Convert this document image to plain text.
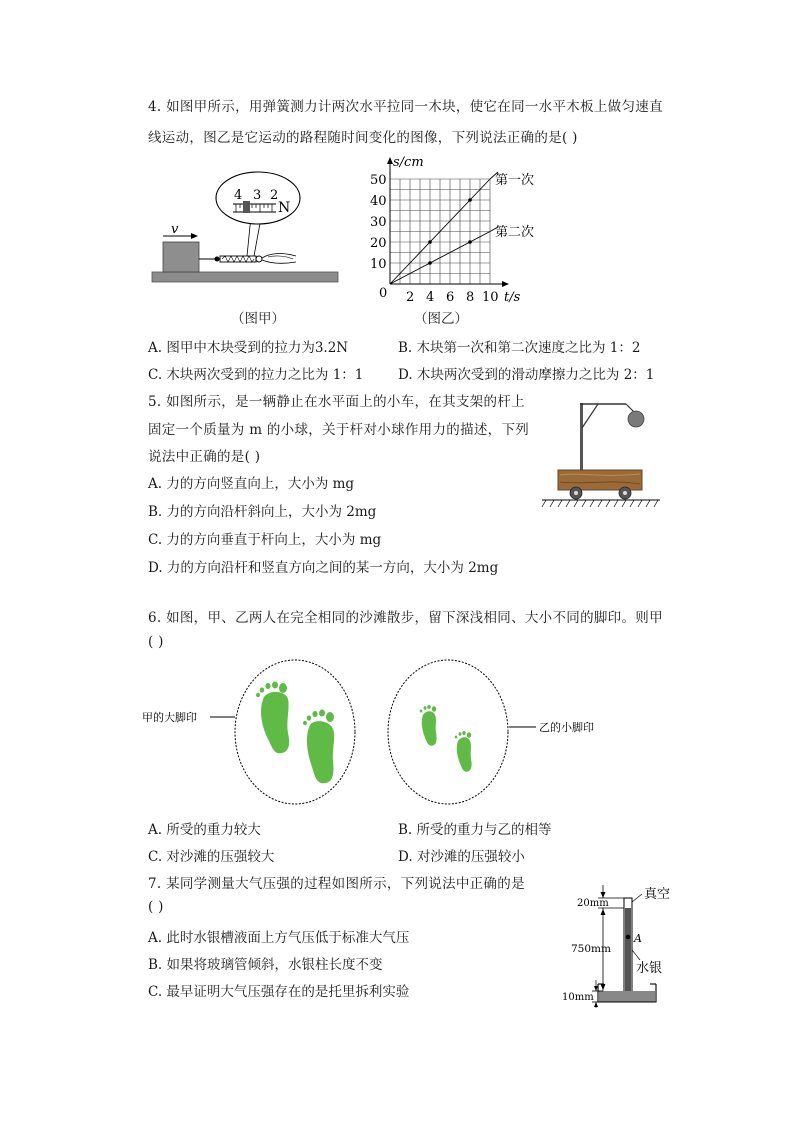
4. 如图甲所示，用弹簧测力计两次水平拉同一木块，使它在同一水平木板上做匀速直
线运动，图乙是它运动的路程随时间变化的图像，下列说法正确的是( )
4 3 2
N
v
（图甲）
s/cm
50
40
30
20
10
0 2 4 6 8 10 t/s
第一次
第二次
（图乙）
A. 图甲中木块受到的拉力为3.2N	B. 木块第一次和第二次速度之比为 1：2
C. 木块两次受到的拉力之比为 1：1	D. 木块两次受到的滑动摩擦力之比为 2：1
5. 如图所示，是一辆静止在水平面上的小车，在其支架的杆上
固定一个质量为 m 的小球，关于杆对小球作用力的描述，下列
说法中正确的是( )
A. 力的方向竖直向上，大小为 mg
B. 力的方向沿杆斜向上，大小为 2mg
C. 力的方向垂直于杆向上，大小为 mg
D. 力的方向沿杆和竖直方向之间的某一方向，大小为 2mg
6. 如图，甲、乙两人在完全相同的沙滩散步，留下深浅相同、大小不同的脚印。则甲
( )
甲的大脚印
乙的小脚印
A. 所受的重力较大	B. 所受的重力与乙的相等
C. 对沙滩的压强较大	D. 对沙滩的压强较小
7. 某同学测量大气压强的过程如图所示，下列说法中正确的是
( )
A. 此时水银槽液面上方气压低于标准大气压
B. 如果将玻璃管倾斜，水银柱长度不变
C. 最早证明大气压强存在的是托里拆利实验
真空
20mm
750mm
10mm
A
水银
